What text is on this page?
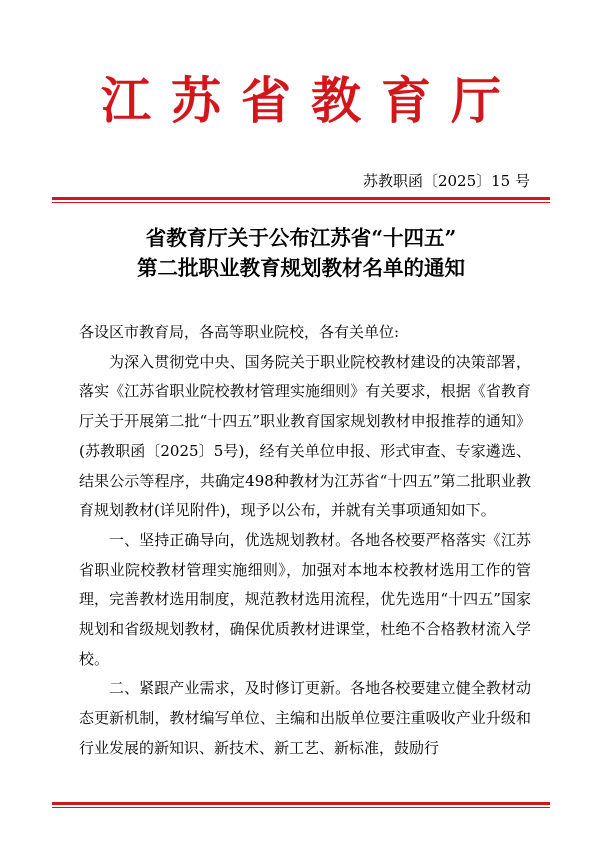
江苏省教育厅
苏教职函〔2025〕15 号
省教育厅关于公布江苏省“十四五”
第二批职业教育规划教材名单的通知

各设区市教育局，各高等职业院校，各有关单位:

为深入贯彻党中央、国务院关于职业院校教材建设的决策部署，落实《江苏省职业院校教材管理实施细则》有关要求，根据《省教育厅关于开展第二批“十四五”职业教育国家规划教材申报推荐的通知》(苏教职函〔2025〕5号)，经有关单位申报、形式审查、专家遴选、结果公示等程序，共确定498种教材为江苏省“十四五”第二批职业教育规划教材(详见附件)，现予以公布，并就有关事项通知如下。

一、坚持正确导向，优选规划教材。各地各校要严格落实《江苏省职业院校教材管理实施细则》，加强对本地本校教材选用工作的管理，完善教材选用制度，规范教材选用流程，优先选用“十四五”国家规划和省级规划教材，确保优质教材进课堂，杜绝不合格教材流入学校。

二、紧跟产业需求，及时修订更新。各地各校要建立健全教材动态更新机制，教材编写单位、主编和出版单位要注重吸收产业升级和行业发展的新知识、新技术、新工艺、新标准，鼓励行
